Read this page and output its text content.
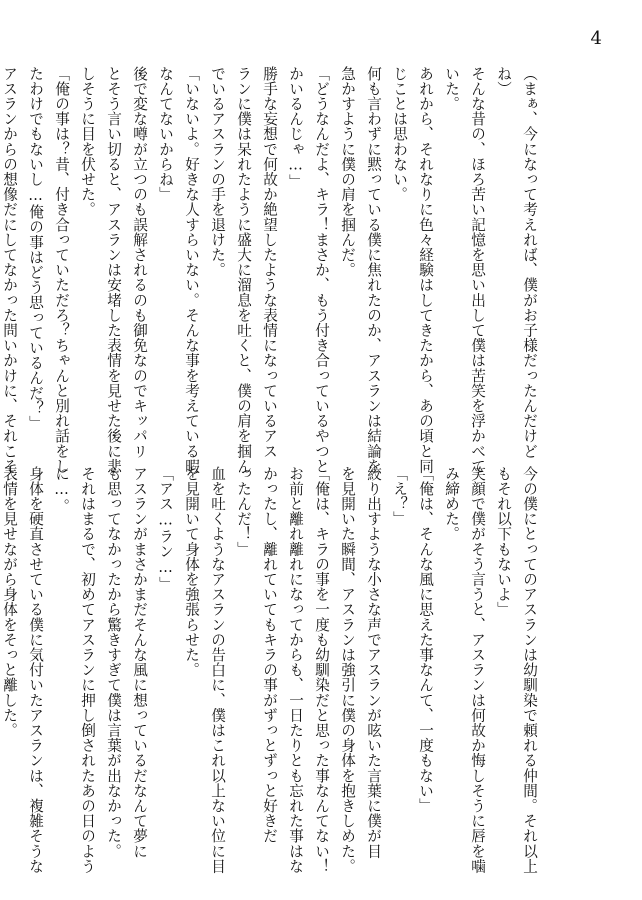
4
（まぁ、今になって考えれば、僕がお子様だったんだけど
ね）
そんな昔の、ほろ苦い記憶を思い出して僕は苦笑を浮かべて
いた。
あれから、それなりに色々経験はしてきたから、あの頃と同
じことは思わない。
何も言わずに黙っている僕に焦れたのか、アスランは結論を
急かすように僕の肩を掴んだ。
「どうなんだよ、キラ！まさか、もう付き合っているやつと
かいるんじゃ…」
勝手な妄想で何故か絶望したような表情になっているアス
ランに僕は呆れたように盛大に溜息を吐くと、僕の肩を掴ん
でいるアスランの手を退けた。
「いないよ。好きな人すらいない。そんな事を考えている暇
なんてないからね」
後で変な噂が立つのも誤解されるのも御免なのでキッパリ
とそう言い切ると、アスランは安堵した表情を見せた後に悲
しそうに目を伏せた。
「俺の事は？昔、付き合っていただろ？ちゃんと別れ話をし
たわけでもないし…俺の事はどう思っているんだ？」
アスランからの想像だにしてなかった問いかけに、それこそ
今の僕にとってのアスランは幼馴染で頼れる仲間。それ以上
もそれ以下もないよ」
笑顔で僕がそう言うと、アスランは何故か悔しそうに唇を噛
み締めた。
「俺は、そんな風に思えた事なんて、一度もない」
「え？」
絞り出すような小さな声でアスランが呟いた言葉に僕が目
を見開いた瞬間、アスランは強引に僕の身体を抱きしめた。
「俺は、キラの事を一度も幼馴染だと思った事なんてない！
お前と離れ離れになってからも、一日たりとも忘れた事はな
かったし、離れていてもキラの事がずっとずっと好きだ
ったんだ！」
血を吐くようなアスランの告白に、僕はこれ以上ない位に目
を見開いて身体を強張らせた。
「アス…ラン…」
アスランがまさかまだそんな風に想っているだなんて夢に
も思ってなかったから驚きすぎて僕は言葉が出なかった。
それはまるで、初めてアスランに押し倒されたあの日のよう
に…。
身体を硬直させている僕に気付いたアスランは、複雑そうな
表情を見せながら身体をそっと離した。
